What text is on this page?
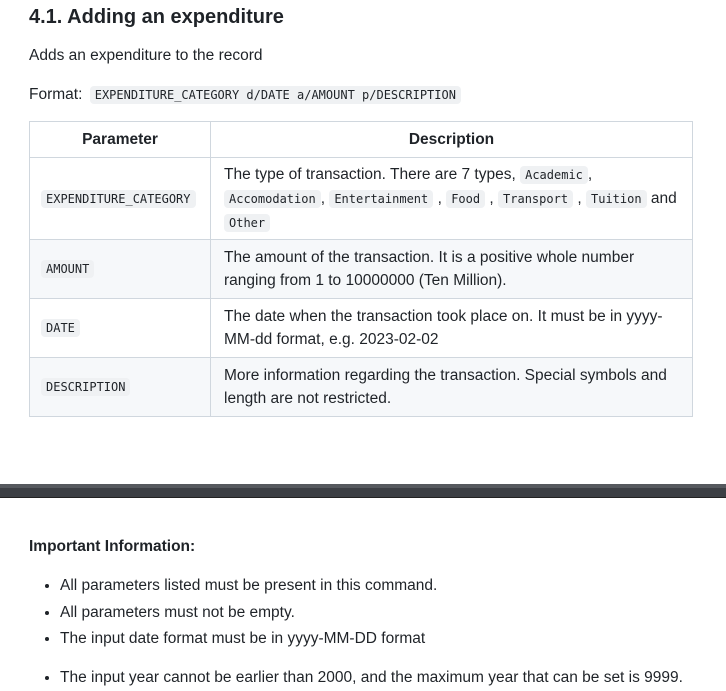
4.1. Adding an expenditure
Adds an expenditure to the record
Format: EXPENDITURE_CATEGORY d/DATE a/AMOUNT p/DESCRIPTION
Parameter	Description
EXPENDITURE_CATEGORY	The type of transaction. There are 7 types, Academic ,
Accomodation , Entertainment , Food , Transport , Tuition and
Other
AMOUNT	The amount of the transaction. It is a positive whole number ranging from 1 to 10000000 (Ten Million).
DATE	The date when the transaction took place on. It must be in yyyy-MM-dd format, e.g. 2023-02-02
DESCRIPTION	More information regarding the transaction. Special symbols and length are not restricted.
Important Information:
• All parameters listed must be present in this command.
• All parameters must not be empty.
• The input date format must be in yyyy-MM-DD format
• The input year cannot be earlier than 2000, and the maximum year that can be set is 9999.
